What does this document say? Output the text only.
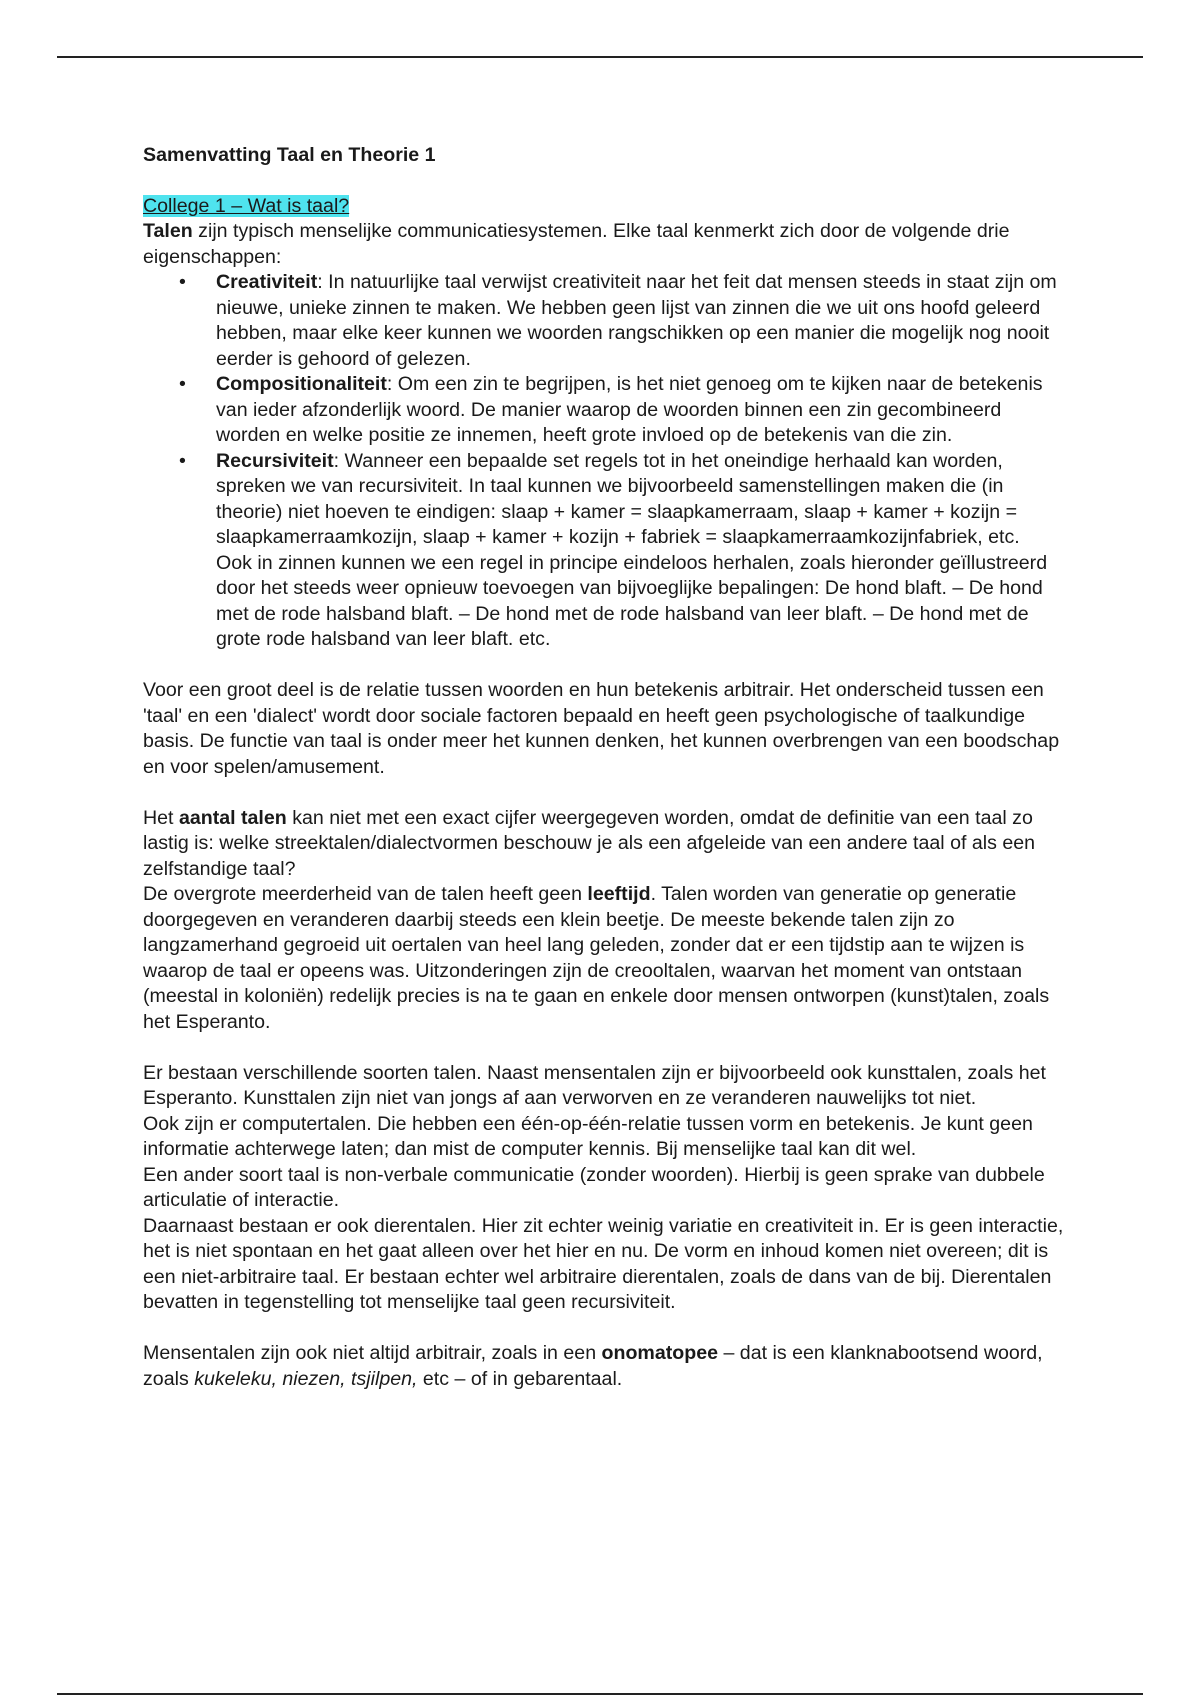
Samenvatting Taal en Theorie 1

College 1 – Wat is taal?

Talen zijn typisch menselijke communicatiesystemen. Elke taal kenmerkt zich door de volgende drie eigenschappen:

• Creativiteit: In natuurlijke taal verwijst creativiteit naar het feit dat mensen steeds in staat zijn om nieuwe, unieke zinnen te maken. We hebben geen lijst van zinnen die we uit ons hoofd geleerd hebben, maar elke keer kunnen we woorden rangschikken op een manier die mogelijk nog nooit eerder is gehoord of gelezen.
• Compositionaliteit: Om een zin te begrijpen, is het niet genoeg om te kijken naar de betekenis van ieder afzonderlijk woord. De manier waarop de woorden binnen een zin gecombineerd worden en welke positie ze innemen, heeft grote invloed op de betekenis van die zin.
• Recursiviteit: Wanneer een bepaalde set regels tot in het oneindige herhaald kan worden, spreken we van recursiviteit. In taal kunnen we bijvoorbeeld samenstellingen maken die (in theorie) niet hoeven te eindigen: slaap + kamer = slaapkamerraam, slaap + kamer + kozijn = slaapkamerraamkozijn, slaap + kamer + kozijn + fabriek = slaapkamerraamkozijnfabriek, etc.
Ook in zinnen kunnen we een regel in principe eindeloos herhalen, zoals hieronder geïllustreerd door het steeds weer opnieuw toevoegen van bijvoeglijke bepalingen: De hond blaft. – De hond met de rode halsband blaft. – De hond met de rode halsband van leer blaft. – De hond met de grote rode halsband van leer blaft. etc.

Voor een groot deel is de relatie tussen woorden en hun betekenis arbitrair. Het onderscheid tussen een 'taal' en een 'dialect' wordt door sociale factoren bepaald en heeft geen psychologische of taalkundige basis. De functie van taal is onder meer het kunnen denken, het kunnen overbrengen van een boodschap en voor spelen/amusement.

Het aantal talen kan niet met een exact cijfer weergegeven worden, omdat de definitie van een taal zo lastig is: welke streektalen/dialectvormen beschouw je als een afgeleide van een andere taal of als een zelfstandige taal?

De overgrote meerderheid van de talen heeft geen leeftijd. Talen worden van generatie op generatie doorgegeven en veranderen daarbij steeds een klein beetje. De meeste bekende talen zijn zo langzamerhand gegroeid uit oertalen van heel lang geleden, zonder dat er een tijdstip aan te wijzen is waarop de taal er opeens was. Uitzonderingen zijn de creooltalen, waarvan het moment van ontstaan (meestal in koloniën) redelijk precies is na te gaan en enkele door mensen ontworpen (kunst)talen, zoals het Esperanto.

Er bestaan verschillende soorten talen. Naast mensentalen zijn er bijvoorbeeld ook kunsttalen, zoals het Esperanto. Kunsttalen zijn niet van jongs af aan verworven en ze veranderen nauwelijks tot niet.

Ook zijn er computertalen. Die hebben een één-op-één-relatie tussen vorm en betekenis. Je kunt geen informatie achterwege laten; dan mist de computer kennis. Bij menselijke taal kan dit wel.

Een ander soort taal is non-verbale communicatie (zonder woorden). Hierbij is geen sprake van dubbele articulatie of interactie.

Daarnaast bestaan er ook dierentalen. Hier zit echter weinig variatie en creativiteit in. Er is geen interactie, het is niet spontaan en het gaat alleen over het hier en nu. De vorm en inhoud komen niet overeen; dit is een niet-arbitraire taal. Er bestaan echter wel arbitraire dierentalen, zoals de dans van de bij. Dierentalen bevatten in tegenstelling tot menselijke taal geen recursiviteit.

Mensentalen zijn ook niet altijd arbitrair, zoals in een onomatopee – dat is een klanknabootsend woord, zoals kukeleku, niezen, tsjilpen, etc – of in gebarentaal.
